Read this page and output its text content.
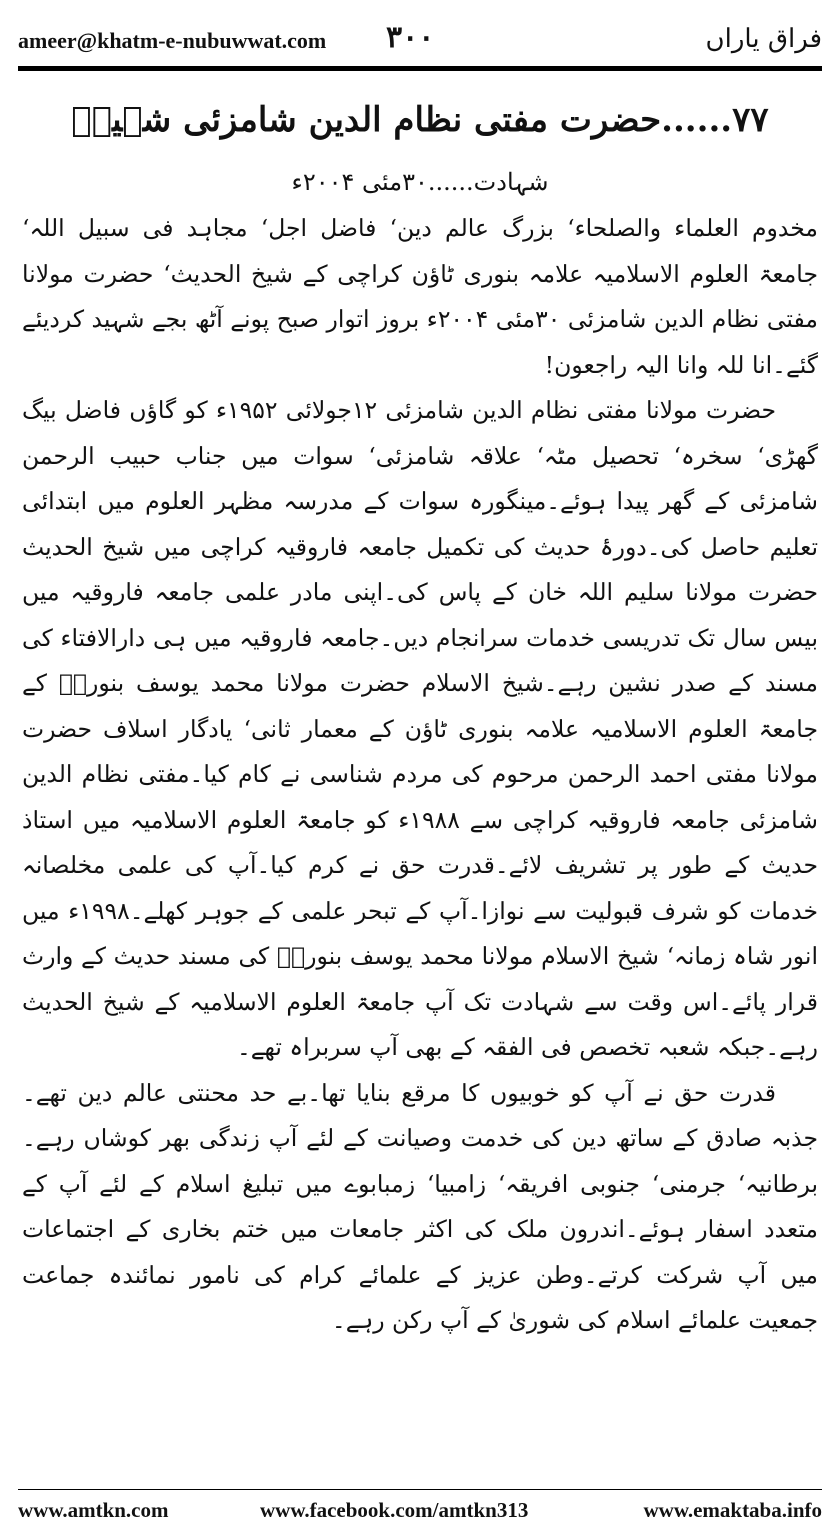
ameer@khatm-e-nubuwwat.com ۳۰۰	فراق یاراں
۷۷......حضرت مفتی نظام الدین شامزئی شہیدؒ
شہادت......۳۰مئی ۲۰۰۴ء

مخدوم العلماء والصلحاء‘ بزرگ عالم دین‘ فاضل اجل‘ مجاہد فی سبیل اللہ‘ جامعۃ العلوم الاسلامیہ علامہ بنوری ٹاؤن کراچی کے شیخ الحدیث‘ حضرت مولانا مفتی نظام الدین شامزئی ۳۰مئی ۲۰۰۴ء بروز اتوار صبح پونے آٹھ بجے شہید کردیئے گئے۔انا للہ وانا الیہ راجعون!

حضرت مولانا مفتی نظام الدین شامزئی ۱۲جولائی ۱۹۵۲ء کو گاؤں فاضل بیگ گھڑی‘ سخرہ‘ تحصیل مٹہ‘ علاقہ شامزئی‘ سوات میں جناب حبیب الرحمن شامزئی کے گھر پیدا ہوئے۔مینگورہ سوات کے مدرسہ مظہر العلوم میں ابتدائی تعلیم حاصل کی۔دورۂ حدیث کی تکمیل جامعہ فاروقیہ کراچی میں شیخ الحدیث حضرت مولانا سلیم اللہ خان کے پاس کی۔اپنی مادر علمی جامعہ فاروقیہ میں بیس سال تک تدریسی خدمات سرانجام دیں۔جامعہ فاروقیہ میں ہی دارالافتاء کی مسند کے صدر نشین رہے۔شیخ الاسلام حضرت مولانا محمد یوسف بنوریؒ کے جامعۃ العلوم الاسلامیہ علامہ بنوری ٹاؤن کے معمار ثانی‘ یادگار اسلاف حضرت مولانا مفتی احمد الرحمن مرحوم کی مردم شناسی نے کام کیا۔مفتی نظام الدین شامزئی جامعہ فاروقیہ کراچی سے ۱۹۸۸ء کو جامعۃ العلوم الاسلامیہ میں استاذ حدیث کے طور پر تشریف لائے۔قدرت حق نے کرم کیا۔آپ کی علمی مخلصانہ خدمات کو شرف قبولیت سے نوازا۔آپ کے تبحر علمی کے جوہر کھلے۔۱۹۹۸ء میں انور شاہ زمانہ‘ شیخ الاسلام مولانا محمد یوسف بنوریؒ کی مسند حدیث کے وارث قرار پائے۔اس وقت سے شہادت تک آپ جامعۃ العلوم الاسلامیہ کے شیخ الحدیث رہے۔جبکہ شعبہ تخصص فی الفقہ کے بھی آپ سربراہ تھے۔

قدرت حق نے آپ کو خوبیوں کا مرقع بنایا تھا۔بے حد محنتی عالم دین تھے۔جذبہ صادق کے ساتھ دین کی خدمت وصیانت کے لئے آپ زندگی بھر کوشاں رہے۔برطانیہ‘ جرمنی‘ جنوبی افریقہ‘ زامبیا‘ زمبابوے میں تبلیغ اسلام کے لئے آپ کے متعدد اسفار ہوئے۔اندرون ملک کی اکثر جامعات میں ختم بخاری کے اجتماعات میں آپ شرکت کرتے۔وطن عزیز کے علمائے کرام کی نامور نمائندہ جماعت جمعیت علمائے اسلام کی شوریٰ کے آپ رکن رہے۔

www.amtkn.com	www.facebook.com/amtkn313	www.emaktaba.info
